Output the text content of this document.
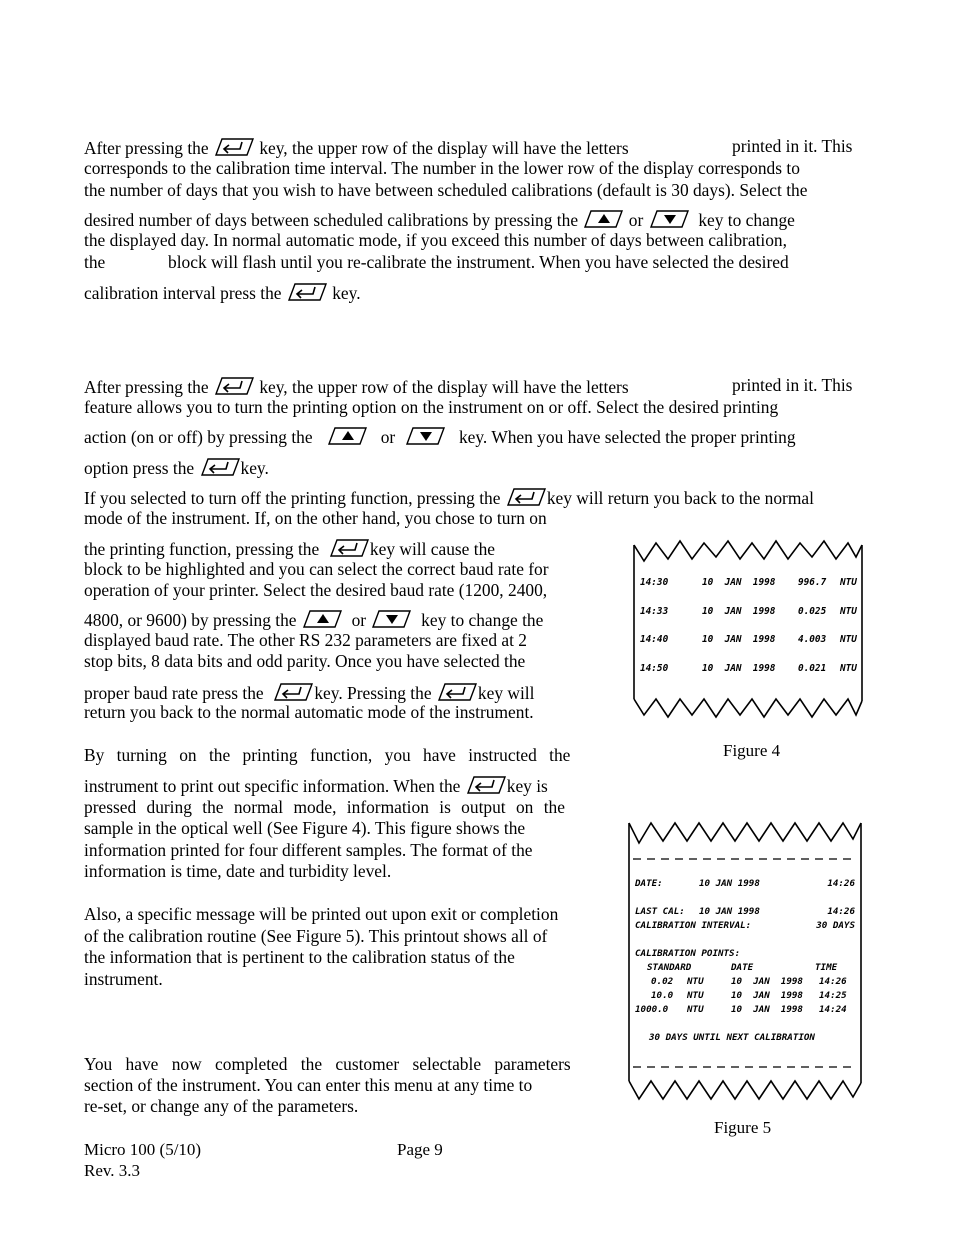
After pressing the	key, the upper row of the display will have the letters	printed in it. This
corresponds to the calibration time interval. The number in the lower row of the display corresponds to
the number of days that you wish to have between scheduled calibrations (default is 30 days). Select the
desired number of days between scheduled calibrations by pressing the	or	key to change
the displayed day. In normal automatic mode, if you exceed this number of days between calibration,
the	block will flash until you re-calibrate the instrument. When you have selected the desired
calibration interval press the	key.
After pressing the	key, the upper row of the display will have the letters	printed in it. This
feature allows you to turn the printing option on the instrument on or off. Select the desired printing
action (on or off) by pressing the	or	key. When you have selected the proper printing
option press the	key.
If you selected to turn off the printing function, pressing the	key will return you back to the normal
mode of the instrument. If, on the other hand, you chose to turn on
the printing function, pressing the	key will cause the
block to be highlighted and you can select the correct baud rate for
operation of your printer. Select the desired baud rate (1200, 2400,
4800, or 9600) by pressing the	or	key to change the
displayed baud rate. The other RS 232 parameters are fixed at 2
stop bits, 8 data bits and odd parity. Once you have selected the
proper baud rate press the	key. Pressing the	key will
return you back to the normal automatic mode of the instrument.
By turning on the printing function, you have instructed the
instrument to print out specific information. When the	key is
pressed during the normal mode, information is output on the
sample in the optical well (See Figure 4). This figure shows the
information printed for four different samples. The format of the
information is time, date and turbidity level.
Also, a specific message will be printed out upon exit or completion
of the calibration routine (See Figure 5). This printout shows all of
the information that is pertinent to the calibration status of the
instrument.
You have now completed the customer selectable parameters
section of the instrument. You can enter this menu at any time to
re-set, or change any of the parameters.
14:30	10  JAN  1998 996.7 NTU
14:33	10  JAN  1998 0.025 NTU
14:40	10  JAN  1998 4.003 NTU
14:50	10  JAN  1998 0.021 NTU
Figure 4
DATE:	10 JAN 1998	14:26
LAST CAL: 10 JAN 1998	14:26
CALIBRATION INTERVAL:	30 DAYS
CALIBRATION POINTS:
STANDARD	DATE	TIME
0.02 NTU	10  JAN  1998 14:26
10.0 NTU	10  JAN  1998 14:25
1000.0 NTU	10  JAN  1998 14:24
30 DAYS UNTIL NEXT CALIBRATION
Figure 5
Micro 100 (5/10)	Page 9
Rev. 3.3
